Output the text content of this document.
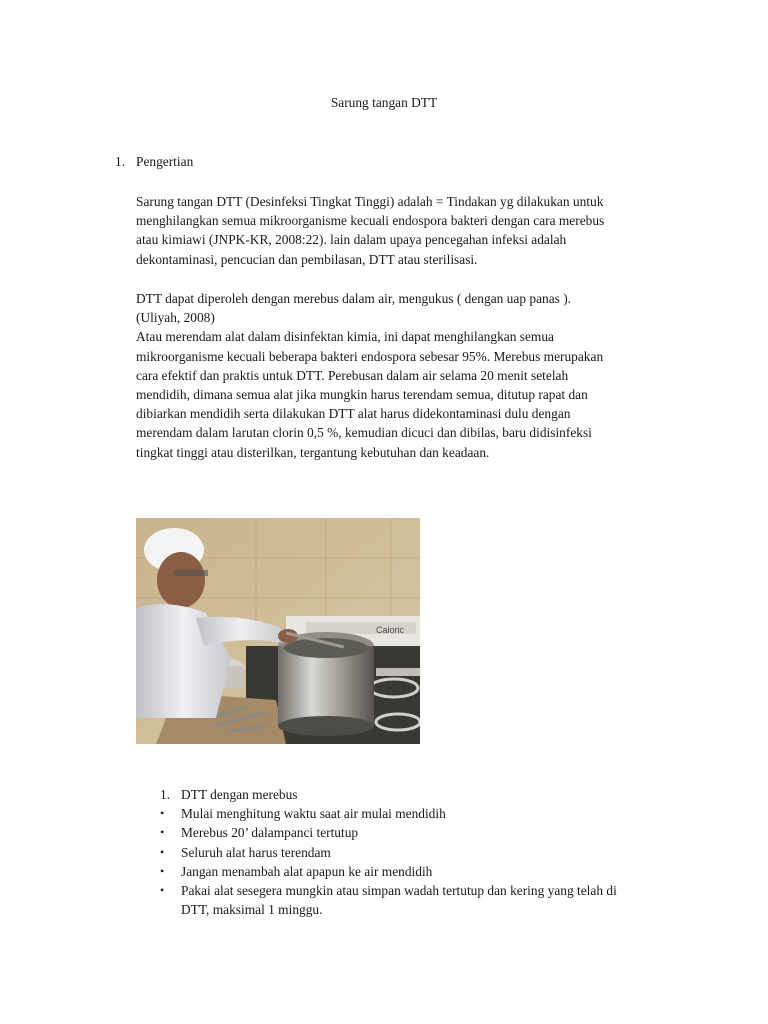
Sarung tangan DTT
1. Pengertian

Sarung tangan DTT (Desinfeksi Tingkat Tinggi) adalah = Tindakan yg dilakukan untuk
menghilangkan semua mikroorganisme kecuali endospora bakteri dengan cara merebus
atau kimiawi (JNPK-KR, 2008:22). lain dalam upaya pencegahan infeksi adalah
dekontaminasi, pencucian dan pembilasan, DTT atau sterilisasi.

DTT dapat diperoleh dengan merebus dalam air, mengukus ( dengan uap panas ).
(Uliyah, 2008)
Atau merendam alat dalam disinfektan kimia, ini dapat menghilangkan semua
mikroorganisme kecuali beberapa bakteri endospora sebesar 95%. Merebus merupakan
cara efektif dan praktis untuk DTT. Perebusan dalam air selama 20 menit setelah
mendidih, dimana semua alat jika mungkin harus terendam semua, ditutup rapat dan
dibiarkan mendidih serta dilakukan DTT alat harus didekontaminasi dulu dengan
merendam dalam larutan clorin 0,5 %, kemudian dicuci dan dibilas, baru didisinfeksi
tingkat tinggi atau disterilkan, tergantung kebutuhan dan keadaan.

Caloric
1. DTT dengan merebus
• Mulai menghitung waktu saat air mulai mendidih
• Merebus 20’ dalampanci tertutup
• Seluruh alat harus terendam
• Jangan menambah alat apapun ke air mendidih
• Pakai alat sesegera mungkin atau simpan wadah tertutup dan kering yang telah di
DTT, maksimal 1 minggu.
